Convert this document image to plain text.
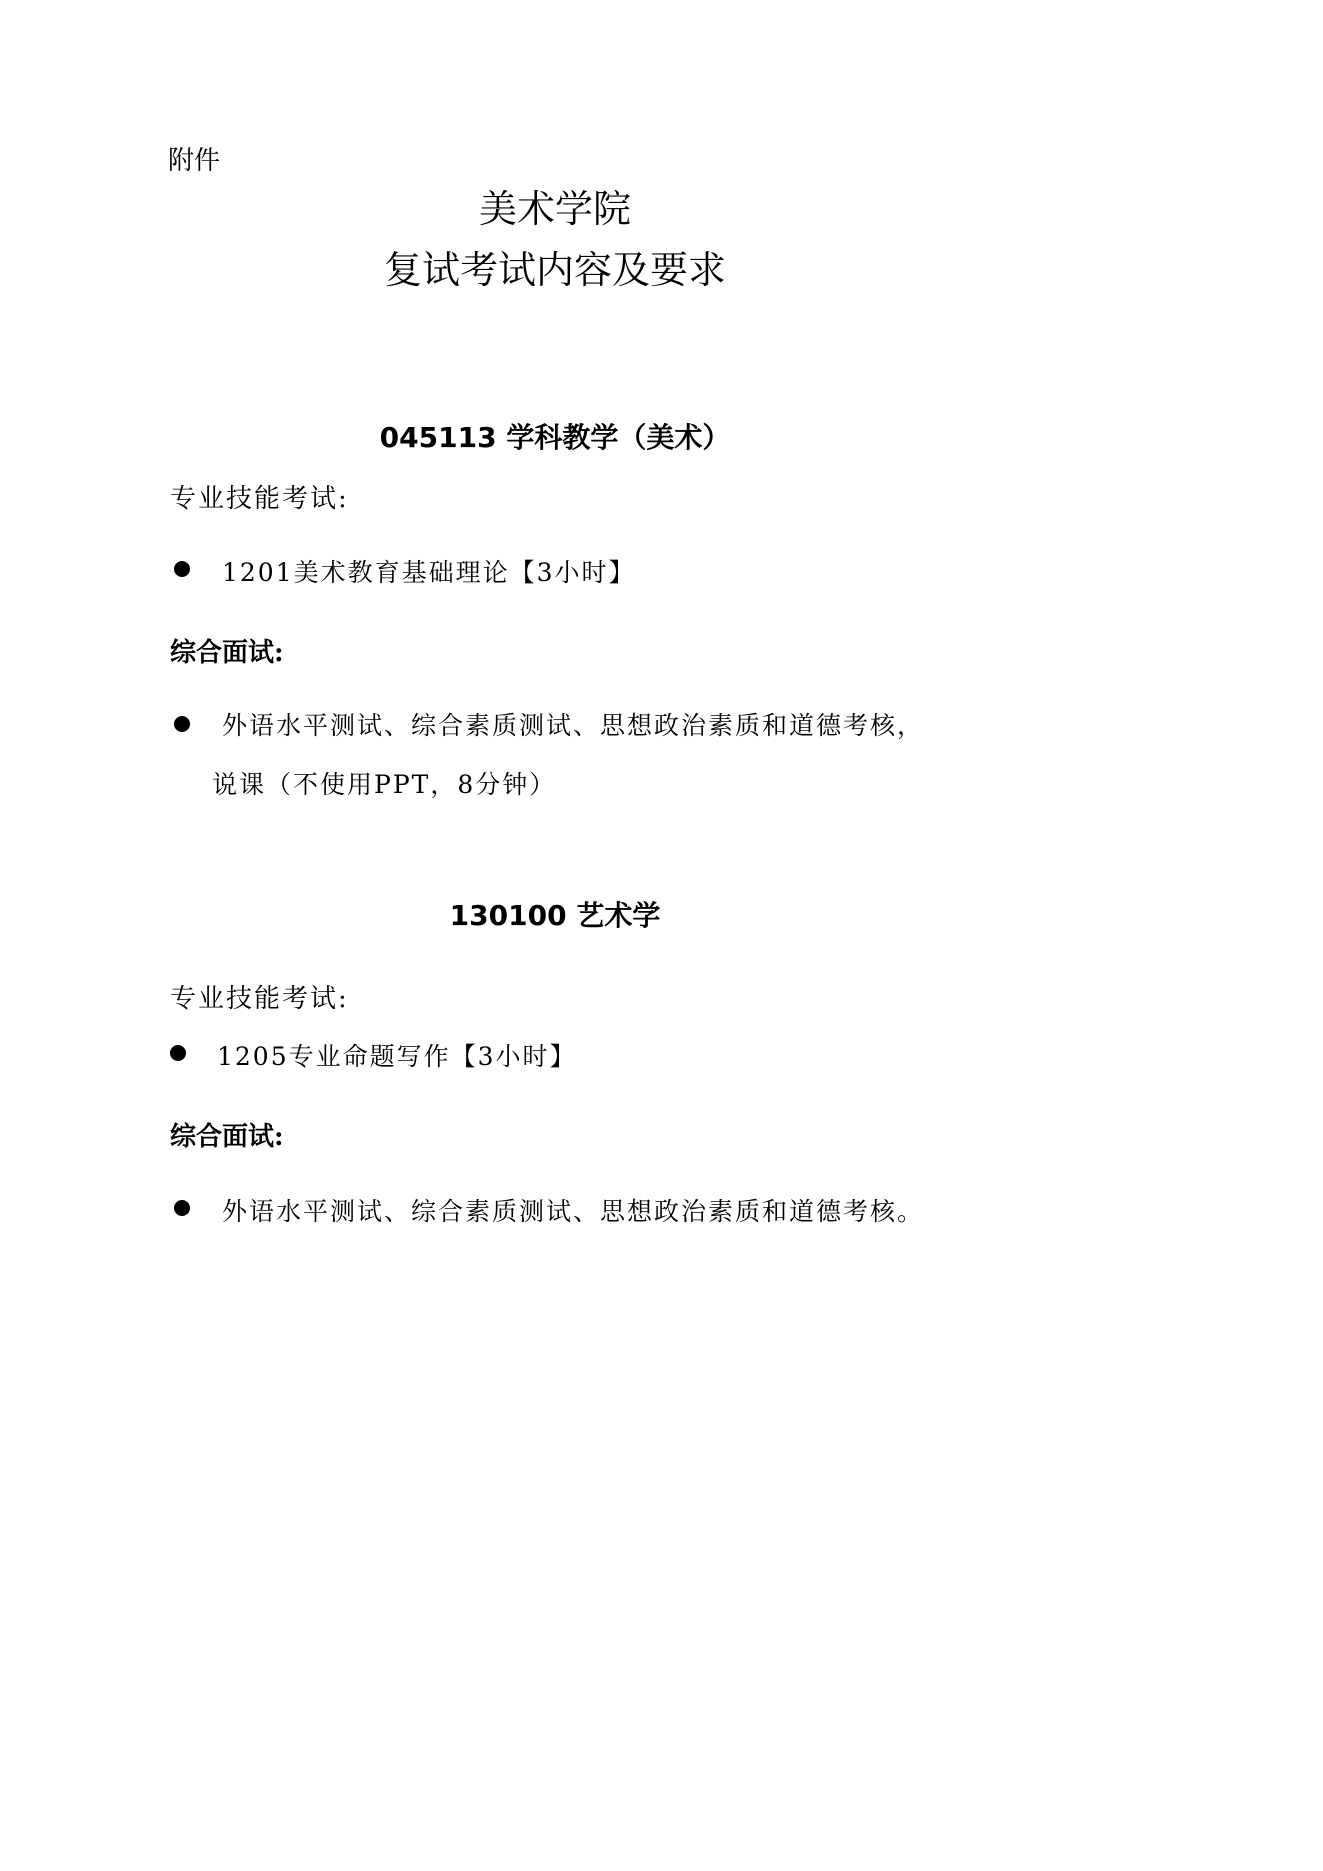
附件
美术学院
复试考试内容及要求
045113 学科教学（美术）
专业技能考试:
1201美术教育基础理论【3小时】
综合面试:
外语水平测试、综合素质测试、思想政治素质和道德考核，
说课（不使用PPT，8分钟）
130100 艺术学
专业技能考试:
1205专业命题写作【3小时】
综合面试:
外语水平测试、综合素质测试、思想政治素质和道德考核。
